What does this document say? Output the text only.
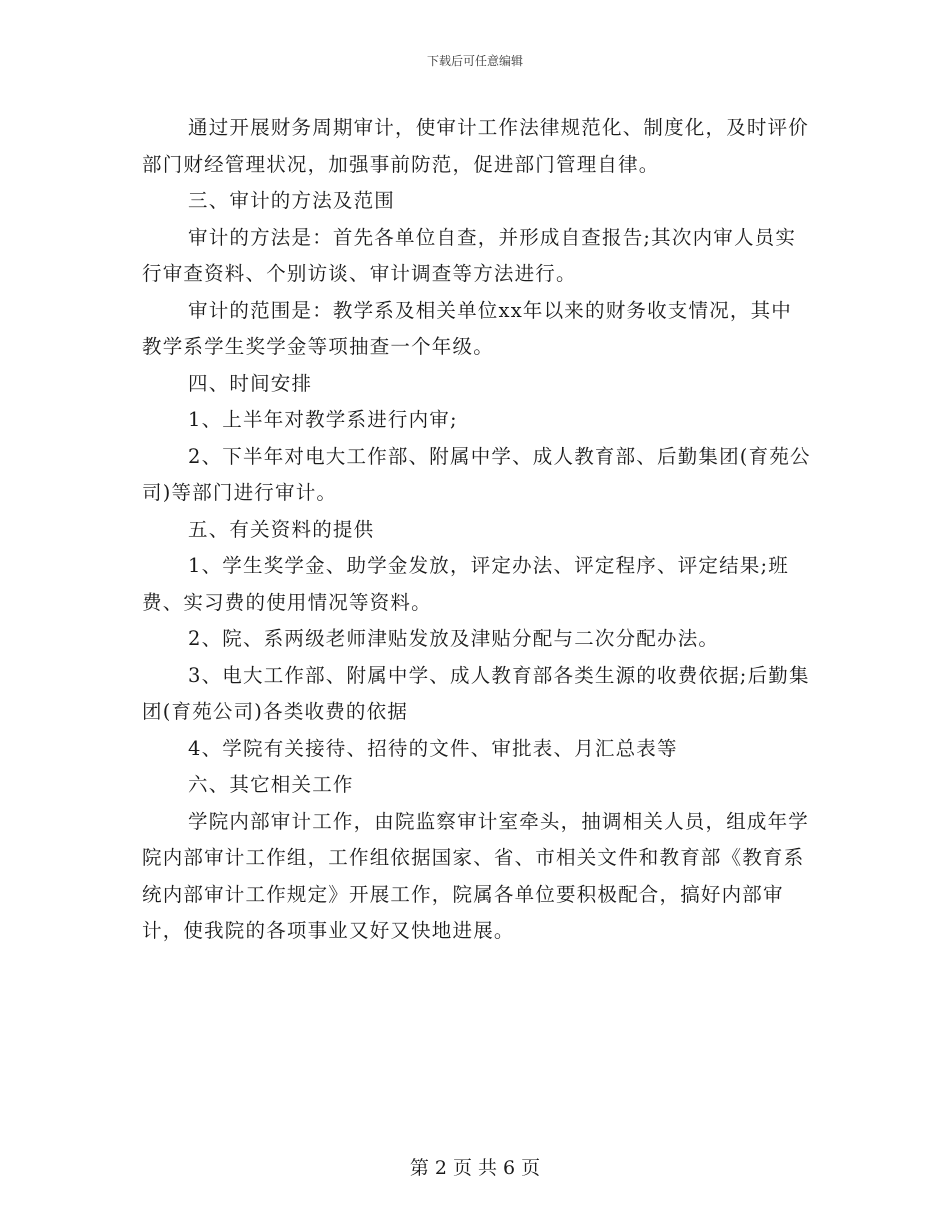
下载后可任意编辑

通过开展财务周期审计，使审计工作法律规范化、制度化，及时评价部门财经管理状况，加强事前防范，促进部门管理自律。

三、审计的方法及范围

审计的方法是：首先各单位自查，并形成自查报告;其次内审人员实行审查资料、个别访谈、审计调查等方法进行。

审计的范围是：教学系及相关单位xx年以来的财务收支情况，其中教学系学生奖学金等项抽查一个年级。

四、时间安排

1、上半年对教学系进行内审;

2、下半年对电大工作部、附属中学、成人教育部、后勤集团(育苑公司)等部门进行审计。

五、有关资料的提供

1、学生奖学金、助学金发放，评定办法、评定程序、评定结果;班费、实习费的使用情况等资料。

2、院、系两级老师津贴发放及津贴分配与二次分配办法。

3、电大工作部、附属中学、成人教育部各类生源的收费依据;后勤集团(育苑公司)各类收费的依据

4、学院有关接待、招待的文件、审批表、月汇总表等

六、其它相关工作

学院内部审计工作，由院监察审计室牵头，抽调相关人员，组成年学院内部审计工作组，工作组依据国家、省、市相关文件和教育部《教育系统内部审计工作规定》开展工作，院属各单位要积极配合，搞好内部审计，使我院的各项事业又好又快地进展。

第 2 页 共 6 页
